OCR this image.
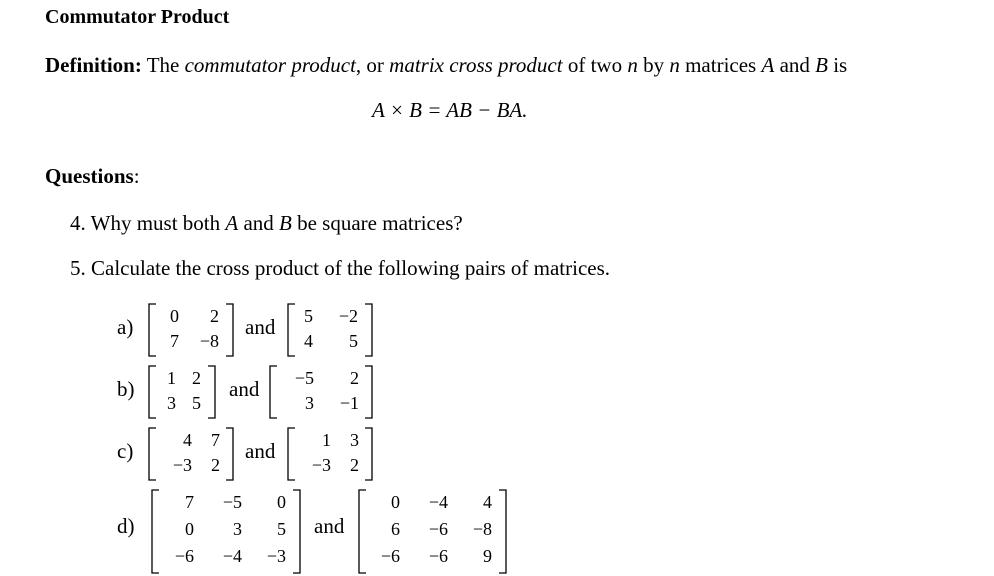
Commutator Product
Definition: The commutator product, or matrix cross product of two n by n matrices A and B is
A × B = AB − BA.
Questions:
4. Why must both A and B be square matrices?
5. Calculate the cross product of the following pairs of matrices.
a)	0	2
7	−8
and	5	−2
4	5
b)	1 2
3 5
and	−5	2
3	−1
c)	4	7
−3	2
and	1	3
−3	2
d)
7	−5	0
0	3	5
−6	−4	−3
and
0	−4	4
6	−6	−8
−6	−6	9
